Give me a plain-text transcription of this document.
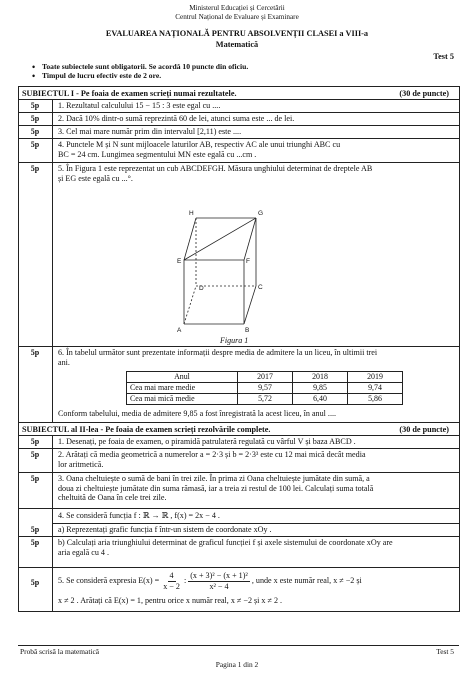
Ministerul Educației și Cercetării
Centrul Național de Evaluare și Examinare
EVALUAREA NAȚIONALĂ PENTRU ABSOLVENȚII CLASEI a VIII-a
Matematică
Test 5
• Toate subiectele sunt obligatorii. Se acordă 10 puncte din oficiu.
• Timpul de lucru efectiv este de 2 ore.
SUBIECTUL I - Pe foaia de examen scrieți numai rezultatele.	(30 de puncte)
5p	1. Rezultatul calculului 15 − 15 : 3 este egal cu ....
5p	2. Dacă 10% dintr-o sumă reprezintă 60 de lei, atunci suma este ... de lei.
5p	3. Cel mai mare număr prim din intervalul [2,11) este ....
5p	4. Punctele M și N sunt mijloacele laturilor AB, respectiv AC ale unui triunghi ABC cu
BC = 24 cm. Lungimea segmentului MN este egală cu ...cm .
5p	5. În Figura 1 este reprezentat un cub ABCDEFGH. Măsura unghiului determinat de dreptele AB
și EG este egală cu ...°.
H	G
E	F
D	C
A	B
Figura 1
5p	6. În tabelul următor sunt prezentate informații despre media de admitere la un liceu, în ultimii trei
ani.
Anul	2017	2018	2019
Cea mai mare medie	9,57	9,85	9,74
Cea mai mică medie	5,72	6,40	5,86
Conform tabelului, media de admitere 9,85 a fost înregistrată la acest liceu, în anul ....
SUBIECTUL al II-lea - Pe foaia de examen scrieți rezolvările complete.	(30 de puncte)
5p	1. Desenați, pe foaia de examen, o piramidă patrulateră regulată cu vârful V și baza ABCD .
5p	2. Arătați că media geometrică a numerelor a = 2·3 și b = 2·3³ este cu 12 mai mică decât media
lor aritmetică.
5p	3. Oana cheltuiește o sumă de bani în trei zile. În prima zi Oana cheltuiește jumătate din sumă, a
doua zi cheltuiește jumătate din suma rămasă, iar a treia zi restul de 100 lei. Calculați suma totală
cheltuită de Oana în cele trei zile.
4. Se consideră funcția f : ℝ → ℝ , f(x) = 2x − 4 .
5p	a) Reprezentați grafic funcția f într-un sistem de coordonate xOy .
5p	b) Calculați aria triunghiului determinat de graficul funcției f și axele sistemului de coordonate xOy are
aria egală cu 4 .
5p	5. Se consideră expresia $E(x) = \frac{4}{x - 2}$ : $\frac{\text{(x + 3)² − (x + 1)²}}{\text{x² − 4}}$ , unde x este număr real, x ≠ −2 și
x ≠ 2 . Arătați că E(x) = 1, pentru orice x număr real, x ≠ −2 și x ≠ 2 .
Probă scrisă la matematică	Test 5
Pagina 1 din 2
